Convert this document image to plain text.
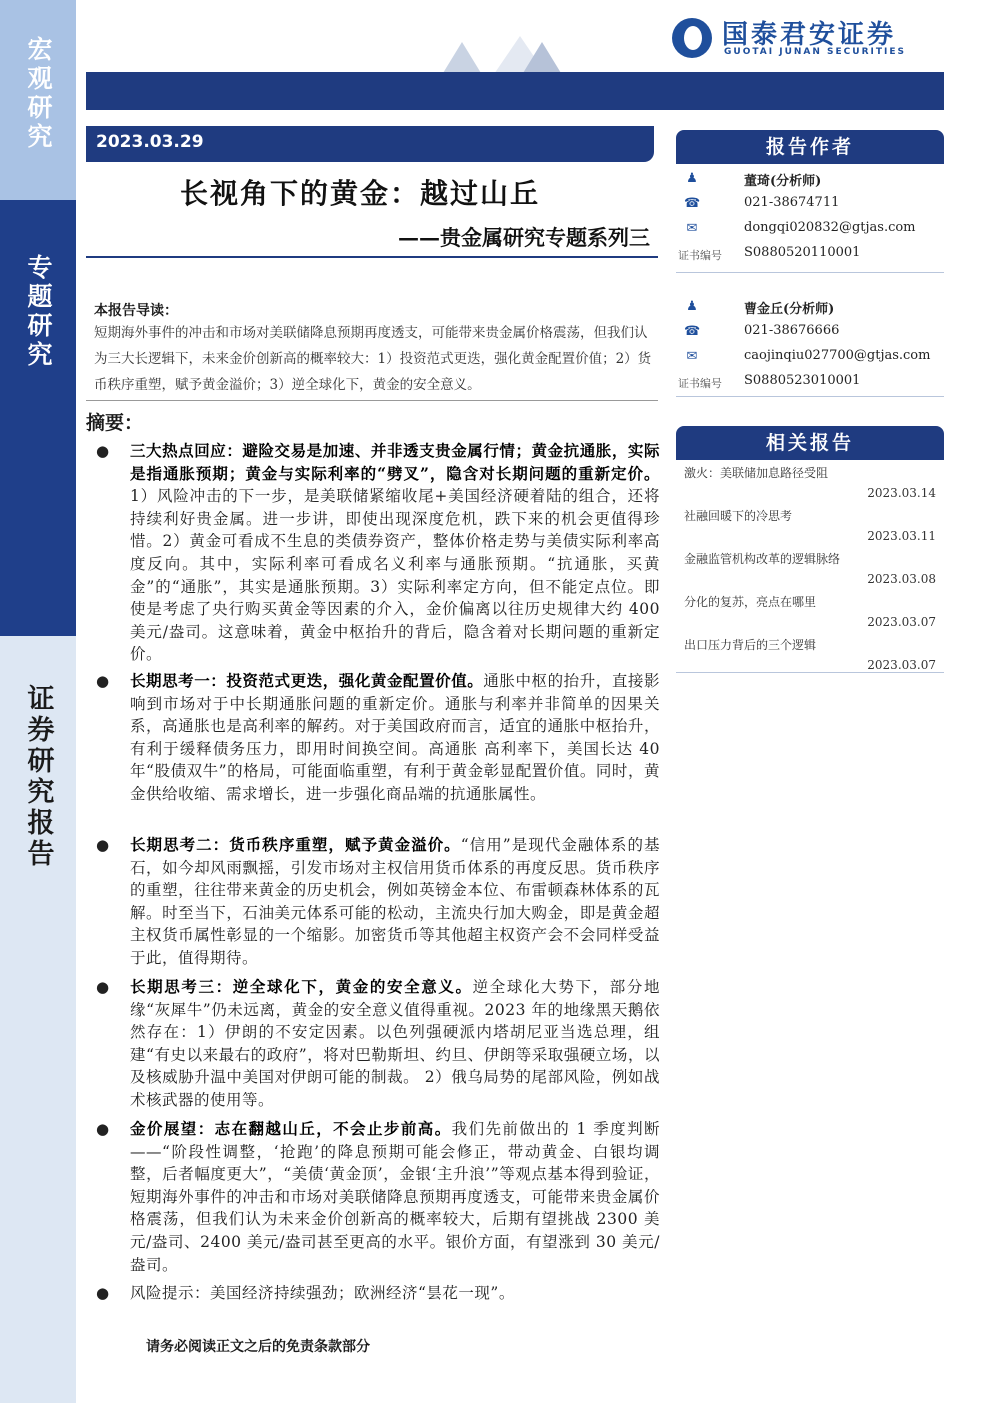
宏观研究
专题研究
证券研究报告
国泰君安证券
GUOTAI JUNAN SECURITIES
2023.03.29
长视角下的黄金：越过山丘
——贵金属研究专题系列三
本报告导读：
短期海外事件的冲击和市场对美联储降息预期再度透支，可能带来贵金属价格震荡，但我们认为三大长逻辑下，未来金价创新高的概率较大：1）投资范式更迭，强化黄金配置价值；2）货币秩序重塑，赋予黄金溢价；3）逆全球化下，黄金的安全意义。
摘要：
● 三大热点回应：避险交易是加速、并非透支贵金属行情；黄金抗通胀，实际是指通胀预期；黄金与实际利率的“劈叉”，隐含对长期问题的重新定价。1）风险冲击的下一步，是美联储紧缩收尾+美国经济硬着陆的组合，还将持续利好贵金属。进一步讲，即使出现深度危机，跌下来的机会更值得珍惜。2）黄金可看成不生息的类债券资产，整体价格走势与美债实际利率高度反向。其中，实际利率可看成名义利率与通胀预期。“抗通胀，买黄金”的“通胀”，其实是通胀预期。3）实际利率定方向，但不能定点位。即使是考虑了央行购买黄金等因素的介入，金价偏离以往历史规律大约 400 美元/盎司。这意味着，黄金中枢抬升的背后，隐含着对长期问题的重新定价。
● 长期思考一：投资范式更迭，强化黄金配置价值。通胀中枢的抬升，直接影响到市场对于中长期通胀问题的重新定价。通胀与利率并非简单的因果关系，高通胀也是高利率的解药。对于美国政府而言，适宜的通胀中枢抬升，有利于缓释债务压力，即用时间换空间。高通胀 高利率下，美国长达 40 年“股债双牛”的格局，可能面临重塑，有利于黄金彰显配置价值。同时，黄金供给收缩、需求增长，进一步强化商品端的抗通胀属性。
● 长期思考二：货币秩序重塑，赋予黄金溢价。“信用”是现代金融体系的基石，如今却风雨飘摇，引发市场对主权信用货币体系的再度反思。货币秩序的重塑，往往带来黄金的历史机会，例如英镑金本位、布雷顿森林体系的瓦解。时至当下，石油美元体系可能的松动，主流央行加大购金，即是黄金超主权货币属性彰显的一个缩影。加密货币等其他超主权资产会不会同样受益于此，值得期待。
● 长期思考三：逆全球化下，黄金的安全意义。逆全球化大势下，部分地缘“灰犀牛”仍未远离，黄金的安全意义值得重视。2023 年的地缘黑天鹅依然存在：1）伊朗的不安定因素。以色列强硬派内塔胡尼亚当选总理，组建“有史以来最右的政府”，将对巴勒斯坦、约旦、伊朗等采取强硬立场，以及核威胁升温中美国对伊朗可能的制裁。 2）俄乌局势的尾部风险，例如战术核武器的使用等。
● 金价展望：志在翻越山丘，不会止步前高。我们先前做出的 1 季度判断——“阶段性调整，‘抢跑’的降息预期可能会修正，带动黄金、白银均调整，后者幅度更大”，“美债‘黄金顶’，金银‘主升浪’”等观点基本得到验证，短期海外事件的冲击和市场对美联储降息预期再度透支，可能带来贵金属价格震荡，但我们认为未来金价创新高的概率较大，后期有望挑战 2300 美元/盎司、2400 美元/盎司甚至更高的水平。银价方面，有望涨到 30 美元/盎司。
● 风险提示：美国经济持续强劲；欧洲经济“昙花一现”。
请务必阅读正文之后的免责条款部分
报告作者
♟	董琦(分析师)
☎	021-38674711
✉	dongqi020832@gtjas.com
证书编号 S0880520110001
♟	曹金丘(分析师)
☎	021-38676666
✉	caojinqiu027700@gtjas.com
证书编号 S0880523010001
相关报告
激火：美联储加息路径受阻
2023.03.14
社融回暖下的冷思考
2023.03.11
金融监管机构改革的逻辑脉络
2023.03.08
分化的复苏，亮点在哪里
2023.03.07
出口压力背后的三个逻辑
2023.03.07
